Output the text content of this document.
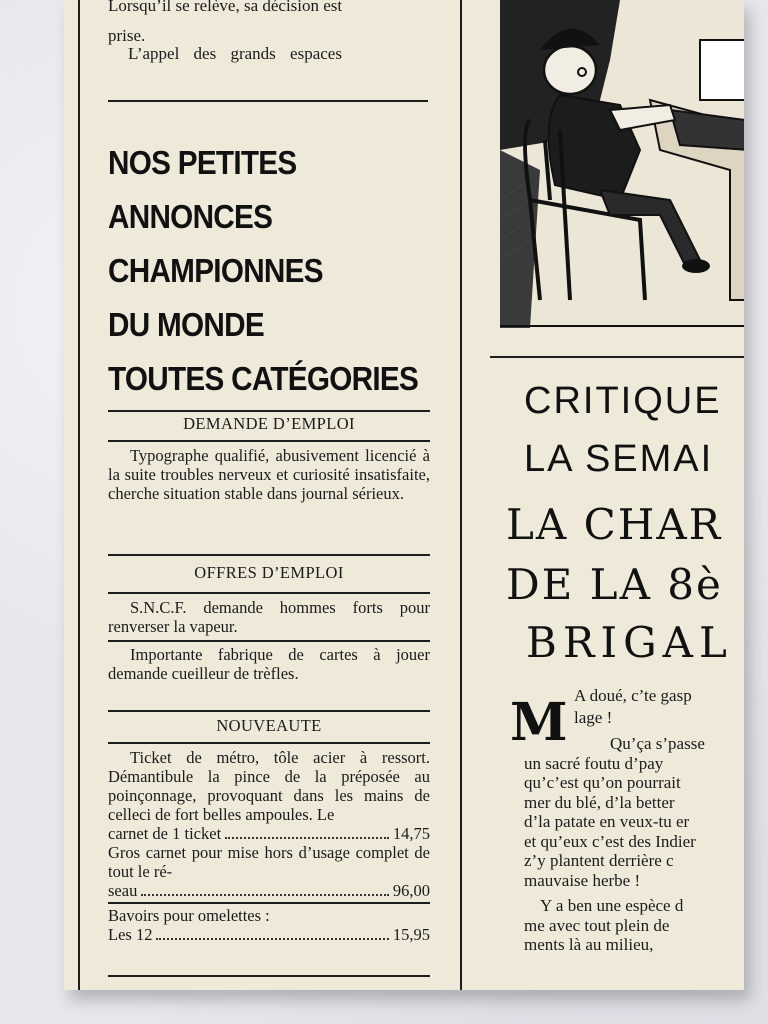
Lorsqu’il se relève, sa décision est

prise.

L’appel des grands espaces

NOS PETITES
ANNONCES
CHAMPIONNES
DU MONDE
TOUTES CATÉGORIES
DEMANDE D’EMPLOI

Typographe qualifié, abusivement licencié à la suite troubles nerveux et curiosité insatisfaite, cherche situation stable dans journal sérieux.

OFFRES D’EMPLOI

S.N.C.F. demande hommes forts pour renverser la vapeur.

Importante fabrique de cartes à jouer demande cueilleur de trèfles.

NOUVEAUTE

Ticket de métro, tôle acier à ressort. Démantibule la pince de la préposée au poinçonnage, provoquant dans les mains de celleci de fort belles ampoules. Le

carnet de 1 ticket	14,75

Gros carnet pour mise hors d’usage complet de tout le ré-

seau	96,00
Bavoirs pour omelettes :
Les 12	15,95
CRITIQUE
LA SEMAI
LA CHAR
DE LA 8è
BRIGAL
M A doué, c’te gasp

lage !

Qu’ça s’passe

un sacré foutu d’pay

qu’c’est qu’on pourrait

mer du blé, d’la better

d’la patate en veux-tu er

et qu’eux c’est des Indier

z’y plantent derrière c

mauvaise herbe !

Y a ben une espèce d

me avec tout plein de

ments là au milieu,
